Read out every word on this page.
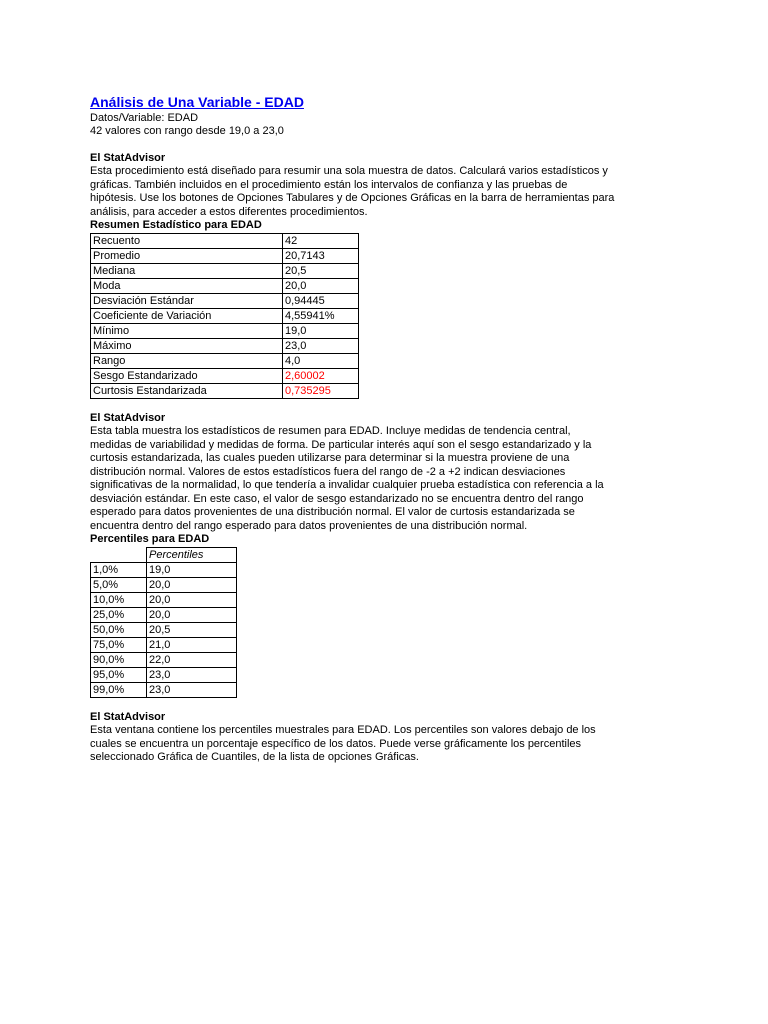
Análisis de Una Variable - EDAD
Datos/Variable: EDAD
42 valores con rango desde 19,0 a 23,0
El StatAdvisor
Esta procedimiento está diseñado para resumir una sola muestra de datos. Calculará varios estadísticos y
gráficas. También incluidos en el procedimiento están los intervalos de confianza y las pruebas de
hipótesis. Use los botones de Opciones Tabulares y de Opciones Gráficas en la barra de herramientas para
análisis, para acceder a estos diferentes procedimientos.
Resumen Estadístico para EDAD
Recuento	42
Promedio	20,7143
Mediana	20,5
Moda	20,0
Desviación Estándar	0,94445
Coeficiente de Variación	4,55941%
Mínimo	19,0
Máximo	23,0
Rango	4,0
Sesgo Estandarizado	2,60002
Curtosis Estandarizada	0,735295
El StatAdvisor
Esta tabla muestra los estadísticos de resumen para EDAD. Incluye medidas de tendencia central,
medidas de variabilidad y medidas de forma. De particular interés aquí son el sesgo estandarizado y la
curtosis estandarizada, las cuales pueden utilizarse para determinar si la muestra proviene de una
distribución normal. Valores de estos estadísticos fuera del rango de -2 a +2 indican desviaciones
significativas de la normalidad, lo que tendería a invalidar cualquier prueba estadística con referencia a la
desviación estándar. En este caso, el valor de sesgo estandarizado no se encuentra dentro del rango
esperado para datos provenientes de una distribución normal. El valor de curtosis estandarizada se
encuentra dentro del rango esperado para datos provenientes de una distribución normal.
Percentiles para EDAD
	Percentiles
1,0%	19,0
5,0%	20,0
10,0%	20,0
25,0%	20,0
50,0%	20,5
75,0%	21,0
90,0%	22,0
95,0%	23,0
99,0%	23,0
El StatAdvisor
Esta ventana contiene los percentiles muestrales para EDAD. Los percentiles son valores debajo de los
cuales se encuentra un porcentaje específico de los datos. Puede verse gráficamente los percentiles
seleccionado Gráfica de Cuantiles, de la lista de opciones Gráficas.
